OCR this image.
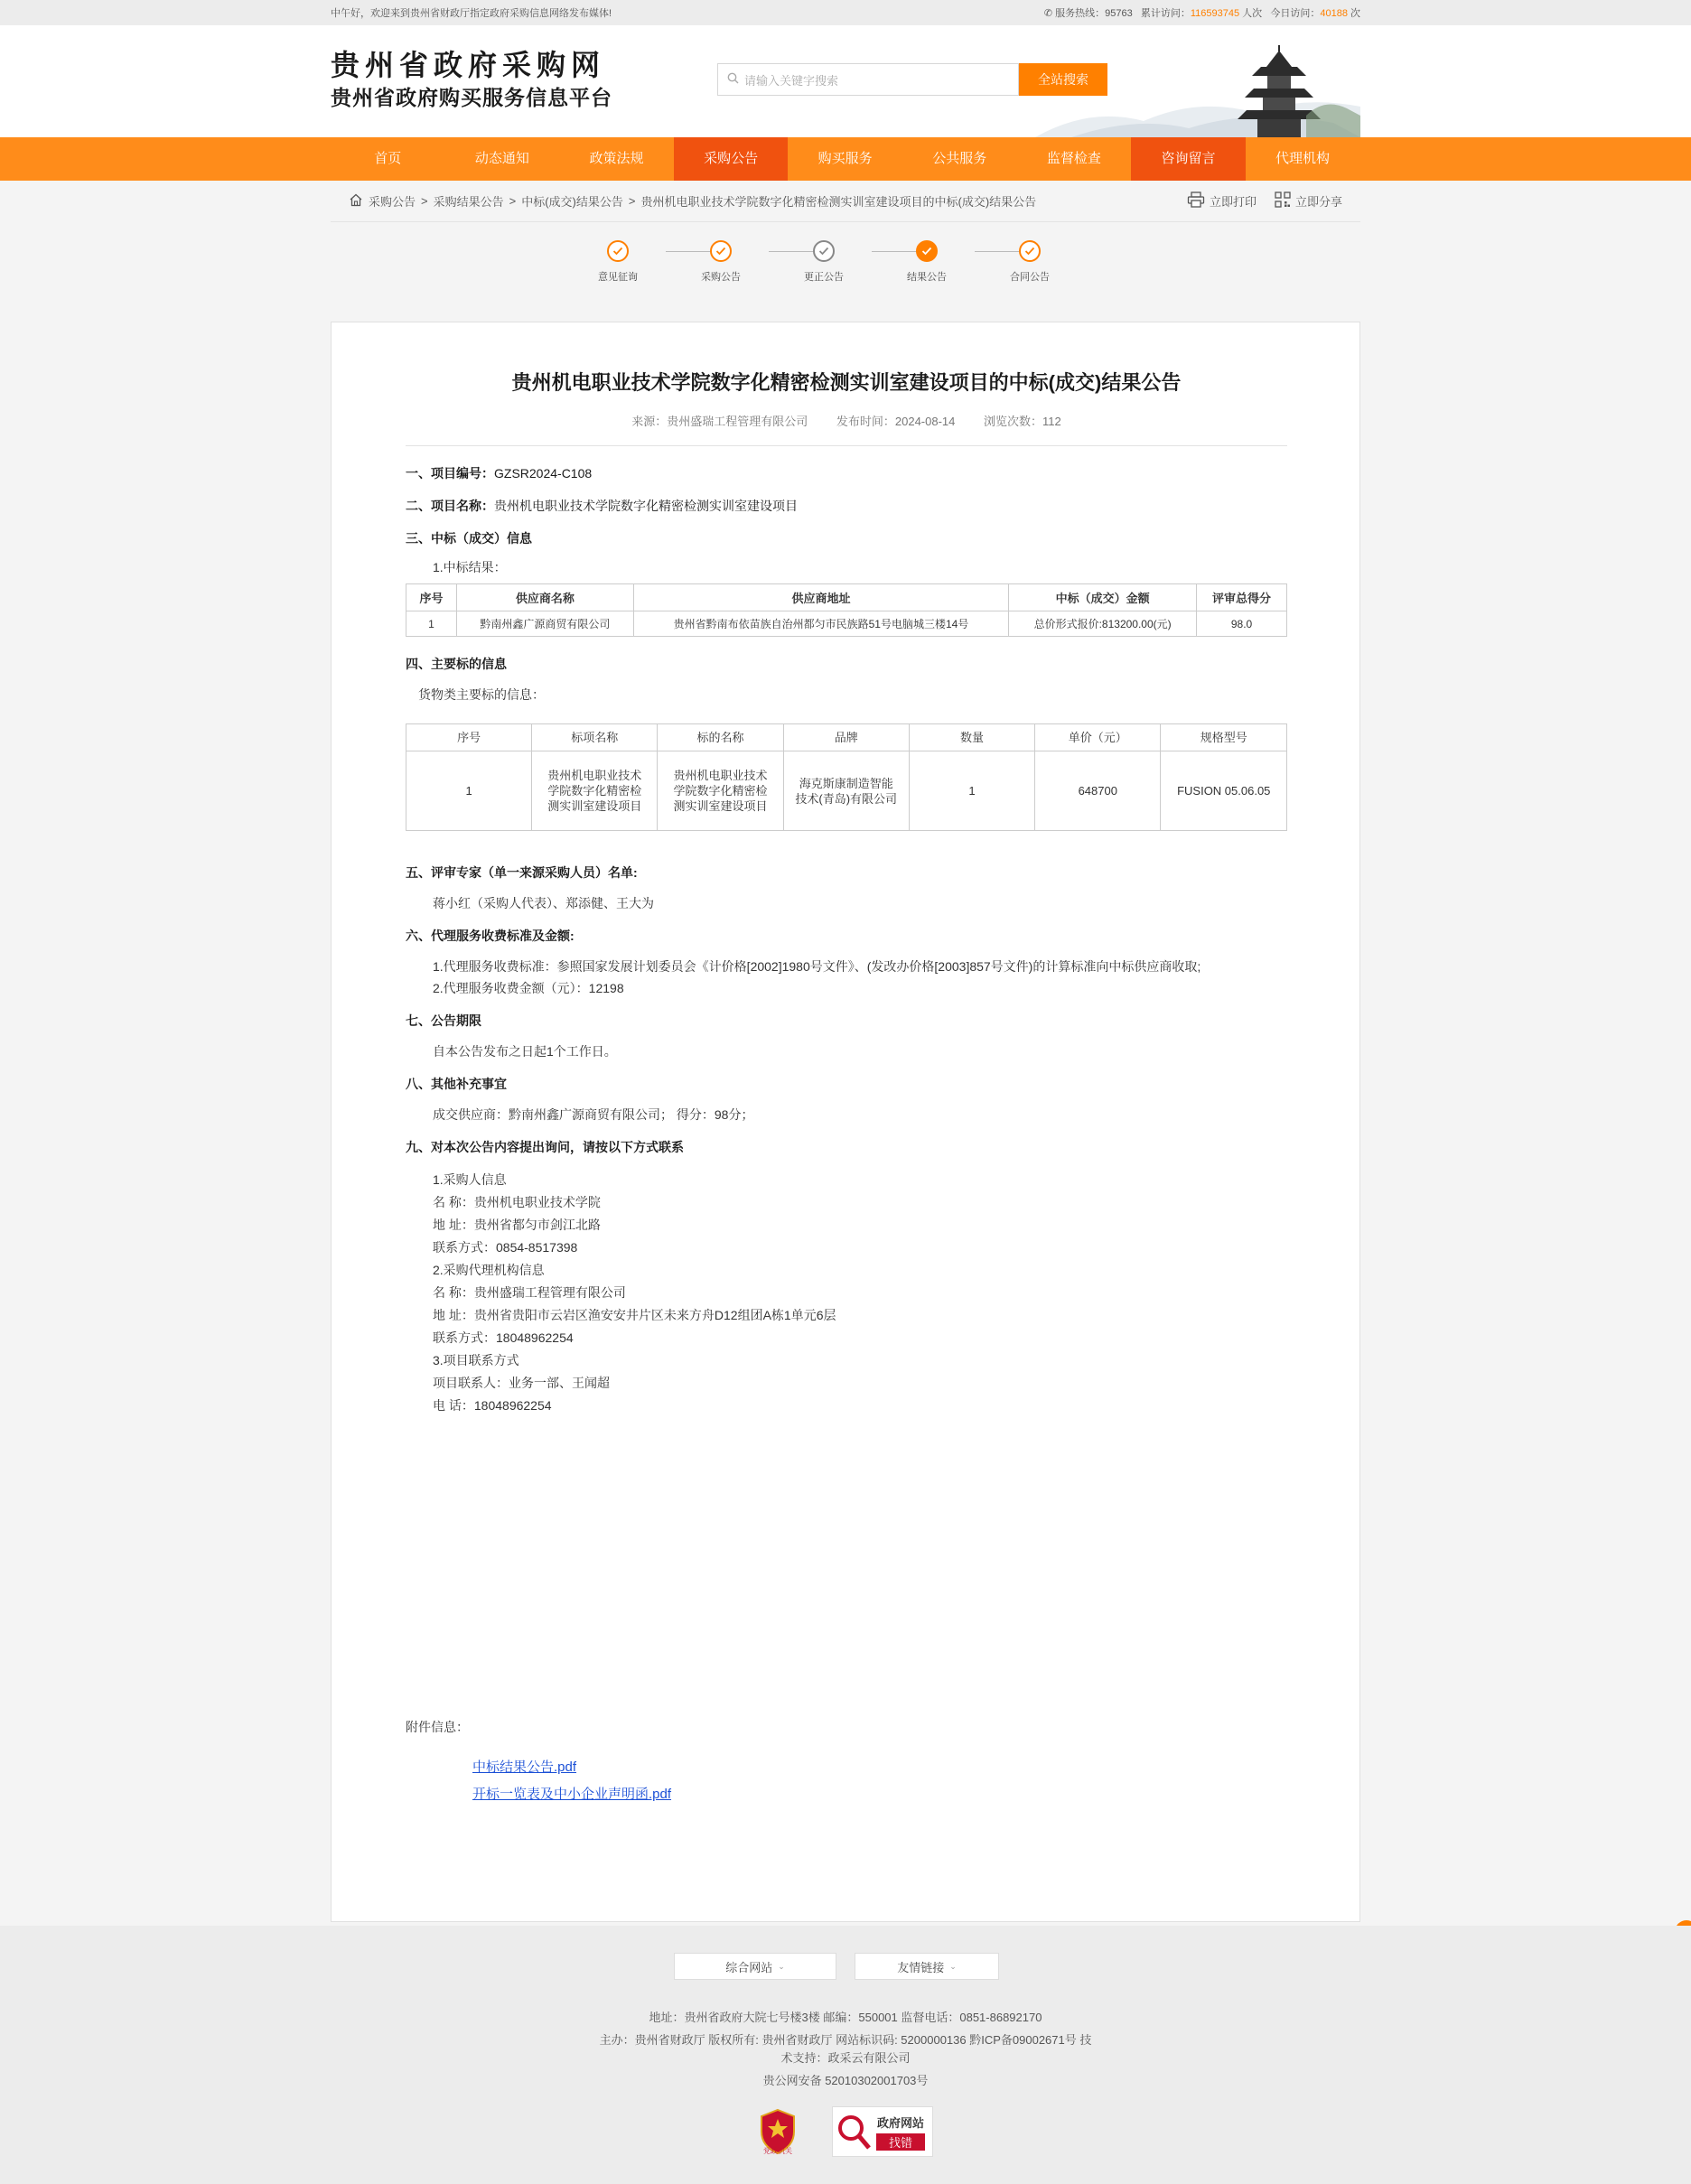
中午好，欢迎来到贵州省财政厅指定政府采购信息网络发布媒体!	✆ 服务热线：95763 累计访问：116593745 人次 今日访问：40188 次
贵州省政府采购网
贵州省政府购买服务信息平台
请输入关键字搜索	全站搜索
首页	动态通知	政策法规	采购公告	购买服务	公共服务	监督检查	咨询留言	代理机构
采购公告 > 采购结果公告 > 中标(成交)结果公告 > 贵州机电职业技术学院数字化精密检测实训室建设项目的中标(成交)结果公告	立即打印	立即分享
意见征询	采购公告	更正公告	结果公告	合同公告
贵州机电职业技术学院数字化精密检测实训室建设项目的中标(成交)结果公告
来源：贵州盛瑞工程管理有限公司 发布时间：2024-08-14 浏览次数：112
一、项目编号：GZSR2024-C108
二、项目名称：贵州机电职业技术学院数字化精密检测实训室建设项目
三、中标（成交）信息
1.中标结果：
序号	供应商名称	供应商地址	中标（成交）金额	评审总得分
1	黔南州鑫广源商贸有限公司	贵州省黔南布依苗族自治州都匀市民族路51号电脑城三楼14号	总价形式报价:813200.00(元)	98.0
四、主要标的信息
货物类主要标的信息：
序号	标项名称	标的名称	品牌	数量	单价（元）	规格型号
1	贵州机电职业技术学院数字化精密检测实训室建设项目	贵州机电职业技术学院数字化精密检测实训室建设项目	海克斯康制造智能技术(青岛)有限公司	1	648700	FUSION 05.06.05
五、评审专家（单一来源采购人员）名单:
蒋小红（采购人代表）、郑添健、王大为
六、代理服务收费标准及金额:
1.代理服务收费标准：参照国家发展计划委员会《计价格[2002]1980号文件》、(发改办价格[2003]857号文件)的计算标准向中标供应商收取;
2.代理服务收费金额（元）：12198
七、公告期限
自本公告发布之日起1个工作日。
八、其他补充事宜
成交供应商：黔南州鑫广源商贸有限公司； 得分：98分；
九、对本次公告内容提出询问，请按以下方式联系
1.采购人信息
名 称：贵州机电职业技术学院
地 址：贵州省都匀市剑江北路
联系方式：0854-8517398
2.采购代理机构信息
名 称：贵州盛瑞工程管理有限公司
地 址：贵州省贵阳市云岩区渔安安井片区未来方舟D12组团A栋1单元6层
联系方式：18048962254
3.项目联系方式
项目联系人：业务一部、王闻超
电 话：18048962254
附件信息：
中标结果公告.pdf
开标一览表及中小企业声明函.pdf
综合网站 ⌄	友情链接 ⌄

地址：贵州省政府大院七号楼3楼 邮编：550001 监督电话：0851-86892170

主办：贵州省财政厅 版权所有: 贵州省财政厅 网站标识码: 5200000136 黔ICP备09002671号 技
术支持：政采云有限公司

贵公网安备 52010302001703号

党政机关
政府网站
找错
